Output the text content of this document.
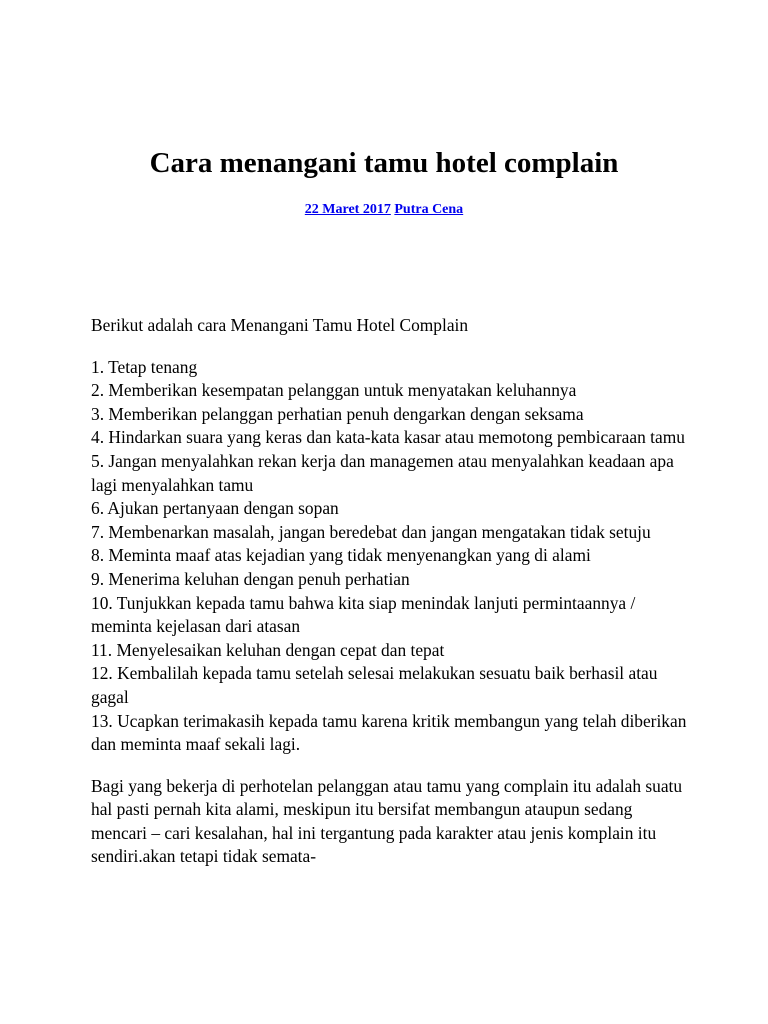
Cara menangani tamu hotel complain
22 Maret 2017 Putra Cena

Berikut adalah cara Menangani Tamu Hotel Complain

1. Tetap tenang
2. Memberikan kesempatan pelanggan untuk menyatakan keluhannya
3. Memberikan pelanggan perhatian penuh dengarkan dengan seksama
4. Hindarkan suara yang keras dan kata-kata kasar atau memotong pembicaraan tamu
5. Jangan menyalahkan rekan kerja dan managemen atau menyalahkan keadaan apa lagi menyalahkan tamu
6. Ajukan pertanyaan dengan sopan
7. Membenarkan masalah, jangan beredebat dan jangan mengatakan tidak setuju
8. Meminta maaf atas kejadian yang tidak menyenangkan yang di alami
9. Menerima keluhan dengan penuh perhatian
10. Tunjukkan kepada tamu bahwa kita siap menindak lanjuti permintaannya / meminta kejelasan dari atasan
11. Menyelesaikan keluhan dengan cepat dan tepat
12. Kembalilah kepada tamu setelah selesai melakukan sesuatu baik berhasil atau gagal
13. Ucapkan terimakasih kepada tamu karena kritik membangun yang telah diberikan dan meminta maaf sekali lagi.

Bagi yang bekerja di perhotelan pelanggan atau tamu yang complain itu adalah suatu hal pasti pernah kita alami, meskipun itu bersifat membangun ataupun sedang mencari – cari kesalahan, hal ini tergantung pada karakter atau jenis komplain itu sendiri.akan tetapi tidak semata-
